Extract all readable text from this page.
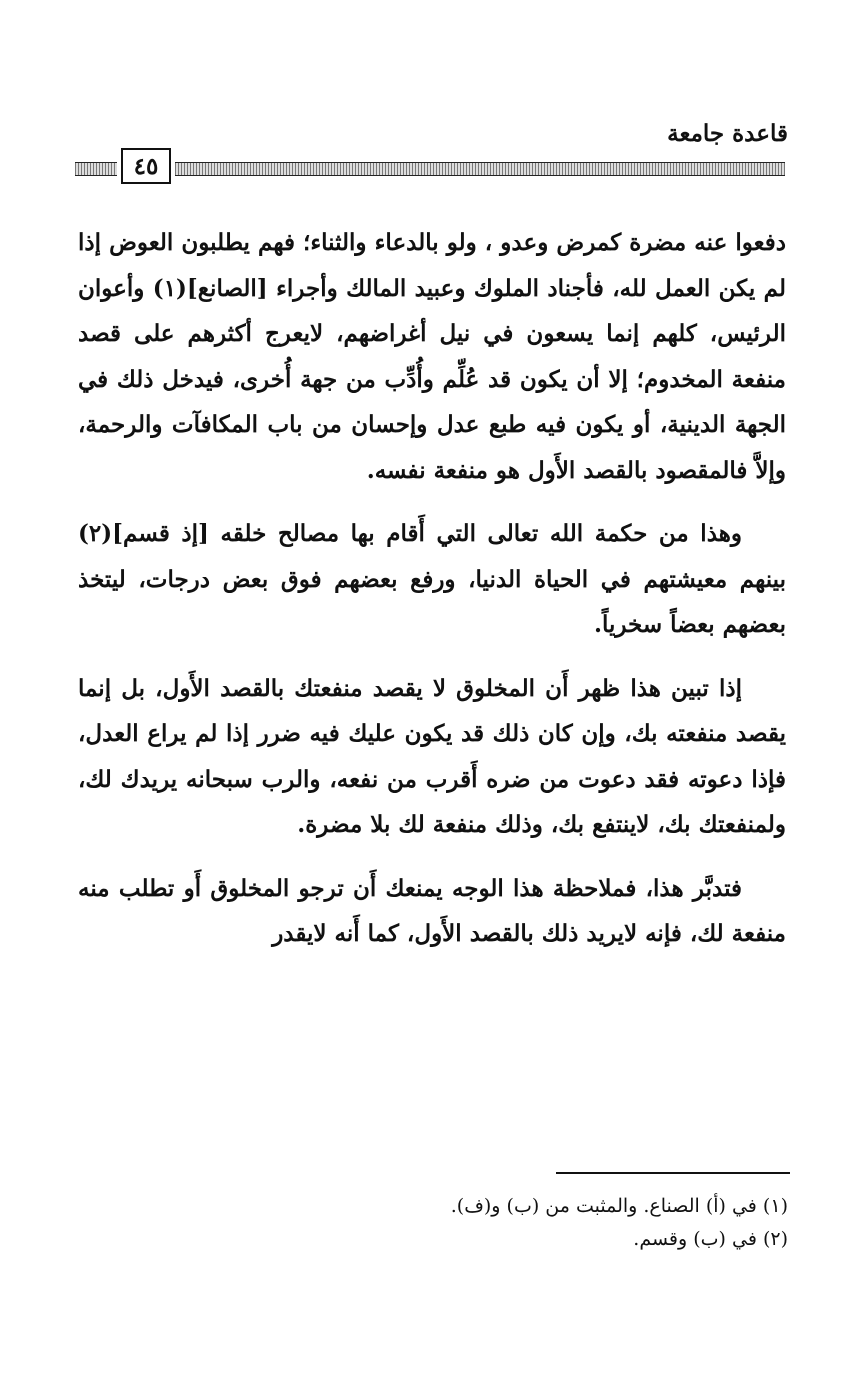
قاعدة جامعة
٤٥

دفعوا عنه مضرة كمرض وعدو ، ولو بالدعاء والثناء؛ فهم يطلبون العوض إذا لم يكن العمل لله، فأجناد الملوك وعبيد المالك وأجراء [الصانع](١) وأعوان الرئيس، كلهم إنما يسعون في نيل أغراضهم، لايعرج أكثرهم على قصد منفعة المخدوم؛ إلا أن يكون قد عُلِّم وأُدِّب من جهة أُخرى، فيدخل ذلك في الجهة الدينية، أو يكون فيه طبع عدل وإحسان من باب المكافآت والرحمة، وإلاَّ فالمقصود بالقصد الأَول هو منفعة نفسه.

وهذا من حكمة الله تعالى التي أَقام بها مصالح خلقه [إذ قسم](٢) بينهم معيشتهم في الحياة الدنيا، ورفع بعضهم فوق بعض درجات، ليتخذ بعضهم بعضاً سخرياً.

إذا تبين هذا ظهر أَن المخلوق لا يقصد منفعتك بالقصد الأَول، بل إنما يقصد منفعته بك، وإن كان ذلك قد يكون عليك فيه ضرر إذا لم يراع العدل، فإذا دعوته فقد دعوت من ضره أَقرب من نفعه، والرب سبحانه يريدك لك، ولمنفعتك بك، لاينتفع بك، وذلك منفعة لك بلا مضرة.

فتدبَّر هذا، فملاحظة هذا الوجه يمنعك أَن ترجو المخلوق أَو تطلب منه منفعة لك، فإنه لايريد ذلك بالقصد الأَول، كما أَنه لايقدر

(١) في (أ) الصناع. والمثبت من (ب) و(ف).

(٢) في (ب) وقسم.
